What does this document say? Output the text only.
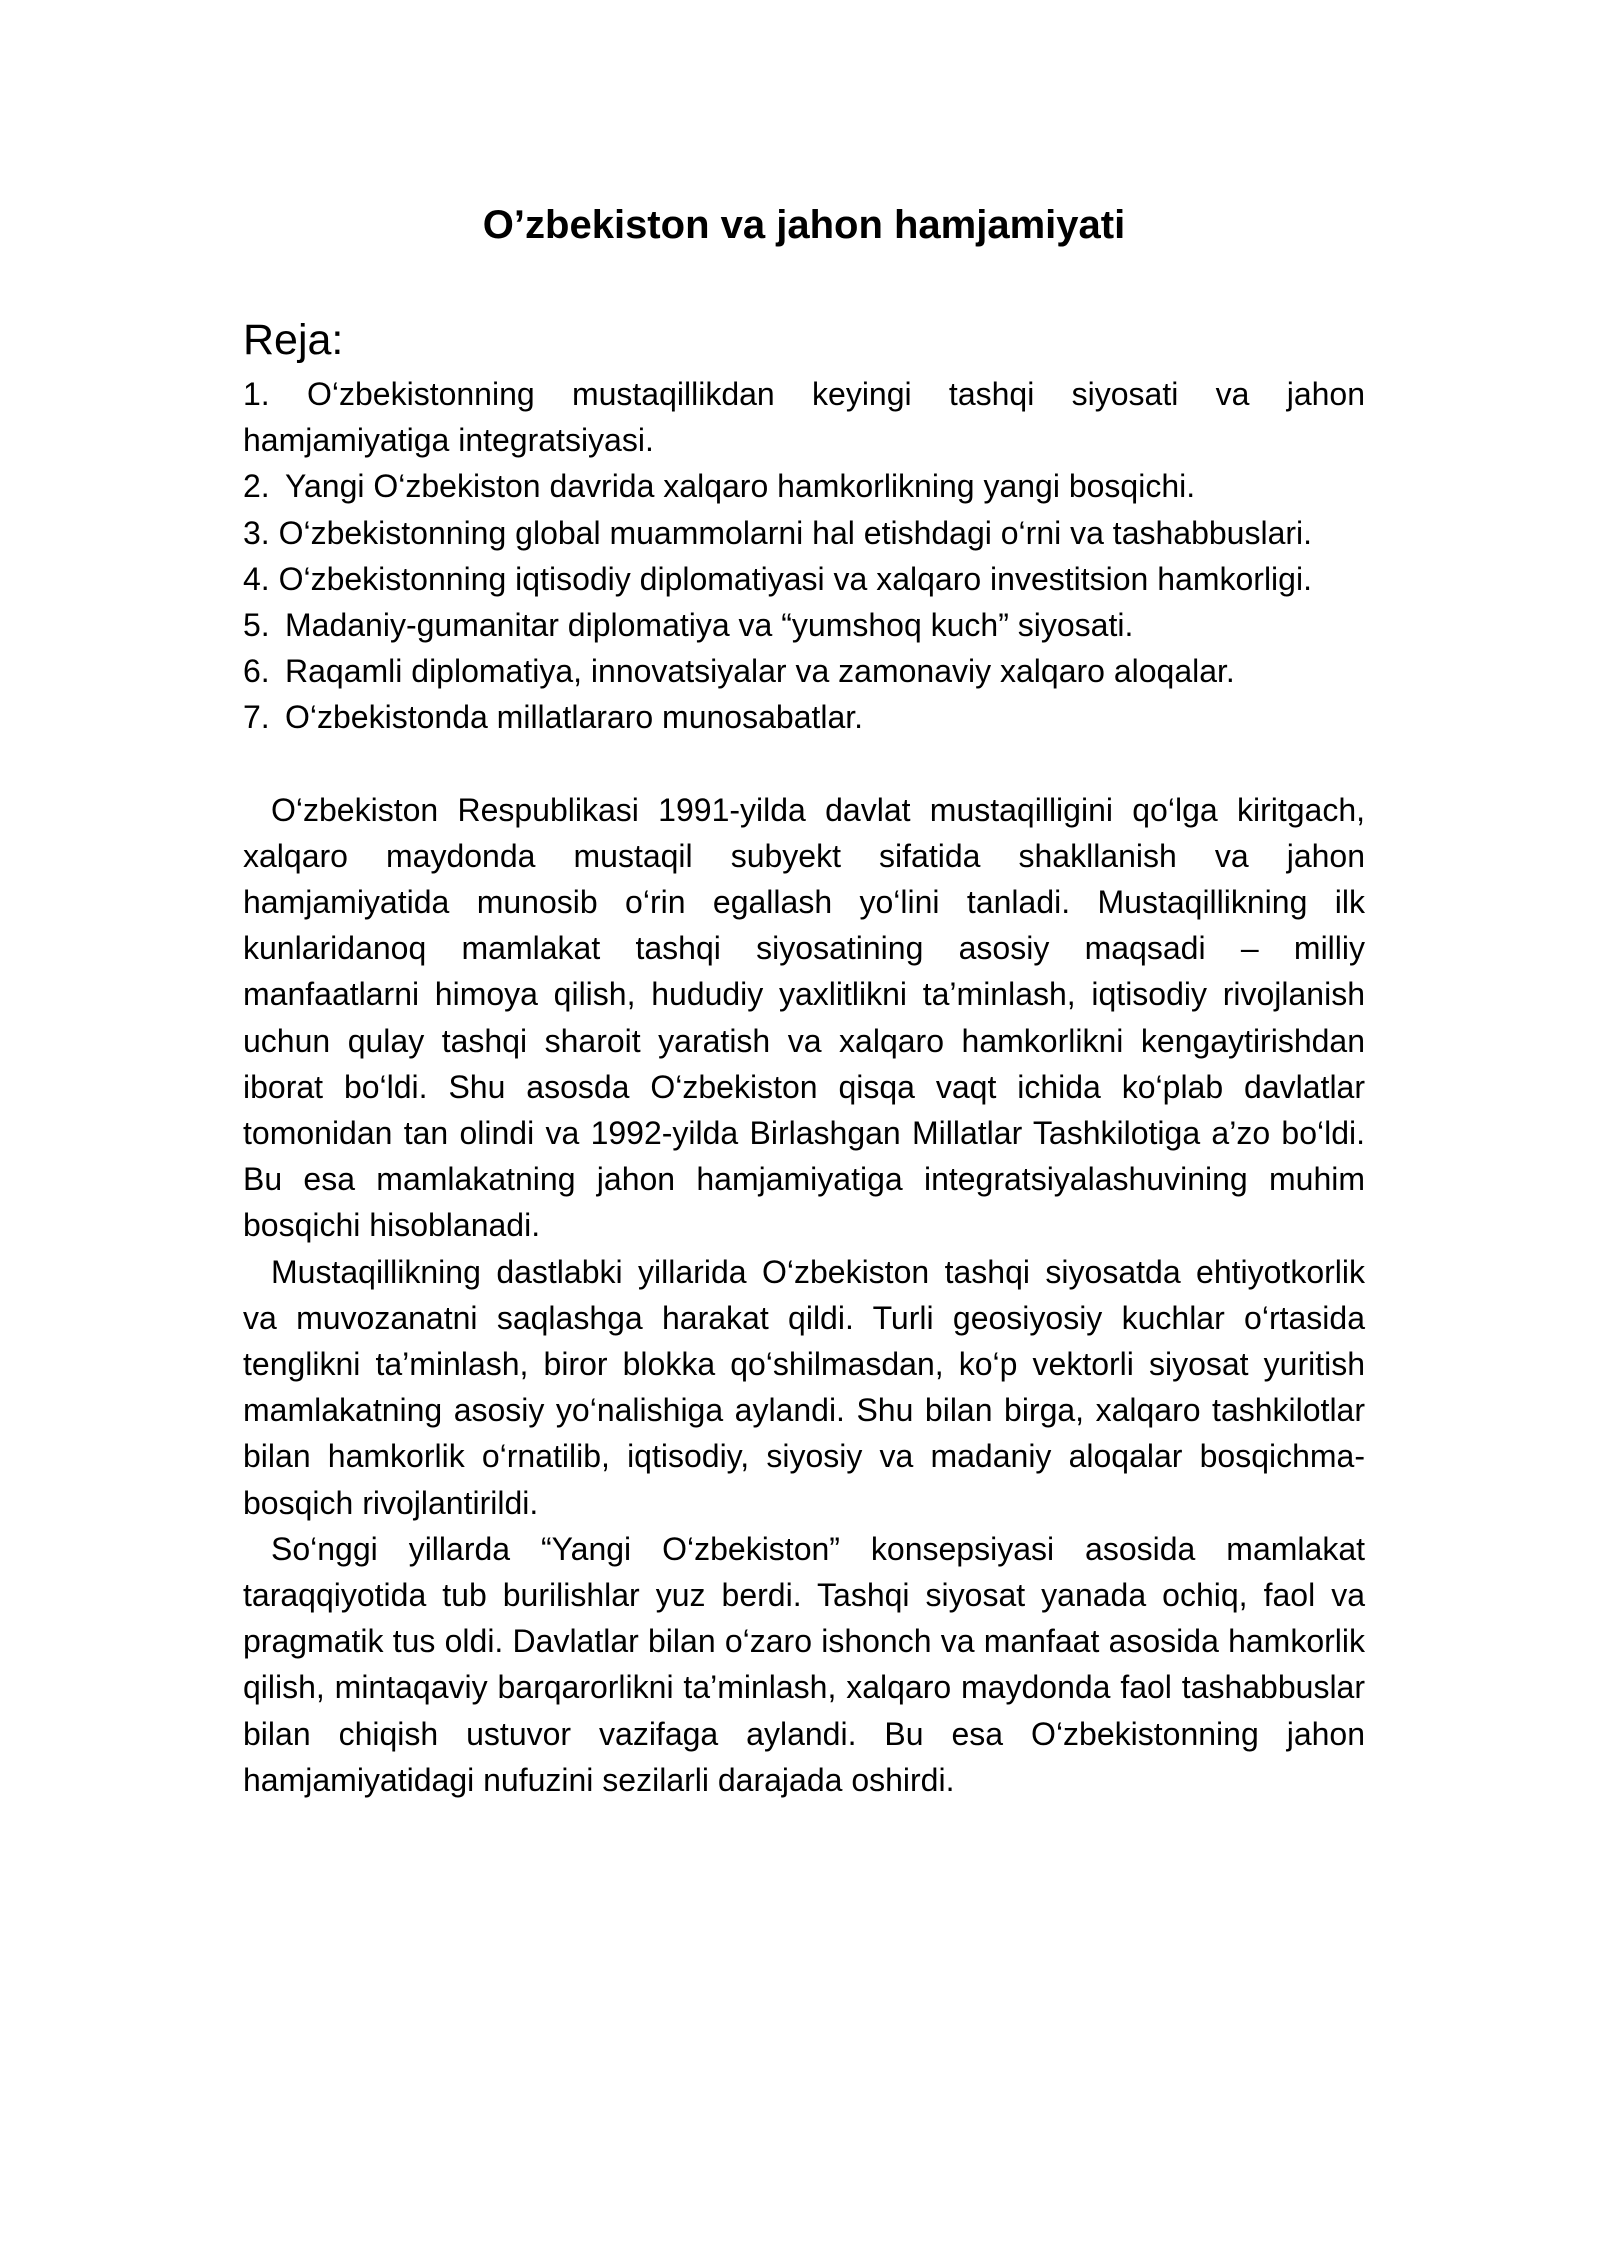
O’zbekiston va jahon hamjamiyati
Reja:
1. O‘zbekistonning mustaqillikdan keyingi tashqi siyosati va jahon hamjamiyatiga integratsiyasi.
2. Yangi O‘zbekiston davrida xalqaro hamkorlikning yangi bosqichi.
3. O‘zbekistonning global muammolarni hal etishdagi o‘rni va tashabbuslari.
4. O‘zbekistonning iqtisodiy diplomatiyasi va xalqaro investitsion hamkorligi.
5. Madaniy-gumanitar diplomatiya va “yumshoq kuch” siyosati.
6. Raqamli diplomatiya, innovatsiyalar va zamonaviy xalqaro aloqalar.
7. O‘zbekistonda millatlararo munosabatlar.

O‘zbekiston Respublikasi 1991-yilda davlat mustaqilligini qo‘lga kiritgach, xalqaro maydonda mustaqil subyekt sifatida shakllanish va jahon hamjamiyatida munosib o‘rin egallash yo‘lini tanladi. Mustaqillikning ilk kunlaridanoq mamlakat tashqi siyosatining asosiy maqsadi – milliy manfaatlarni himoya qilish, hududiy yaxlitlikni ta’minlash, iqtisodiy rivojlanish uchun qulay tashqi sharoit yaratish va xalqaro hamkorlikni kengaytirishdan iborat bo‘ldi. Shu asosda O‘zbekiston qisqa vaqt ichida ko‘plab davlatlar tomonidan tan olindi va 1992-yilda Birlashgan Millatlar Tashkilotiga a’zo bo‘ldi. Bu esa mamlakatning jahon hamjamiyatiga integratsiyalashuvining muhim bosqichi hisoblanadi.

Mustaqillikning dastlabki yillarida O‘zbekiston tashqi siyosatda ehtiyotkorlik va muvozanatni saqlashga harakat qildi. Turli geosiyosiy kuchlar o‘rtasida tenglikni ta’minlash, biror blokka qo‘shilmasdan, ko‘p vektorli siyosat yuritish mamlakatning asosiy yo‘nalishiga aylandi. Shu bilan birga, xalqaro tashkilotlar bilan hamkorlik o‘rnatilib, iqtisodiy, siyosiy va madaniy aloqalar bosqichma-bosqich rivojlantirildi.

So‘nggi yillarda “Yangi O‘zbekiston” konsepsiyasi asosida mamlakat taraqqiyotida tub burilishlar yuz berdi. Tashqi siyosat yanada ochiq, faol va pragmatik tus oldi. Davlatlar bilan o‘zaro ishonch va manfaat asosida hamkorlik qilish, mintaqaviy barqarorlikni ta’minlash, xalqaro maydonda faol tashabbuslar bilan chiqish ustuvor vazifaga aylandi. Bu esa O‘zbekistonning jahon hamjamiyatidagi nufuzini sezilarli darajada oshirdi.
